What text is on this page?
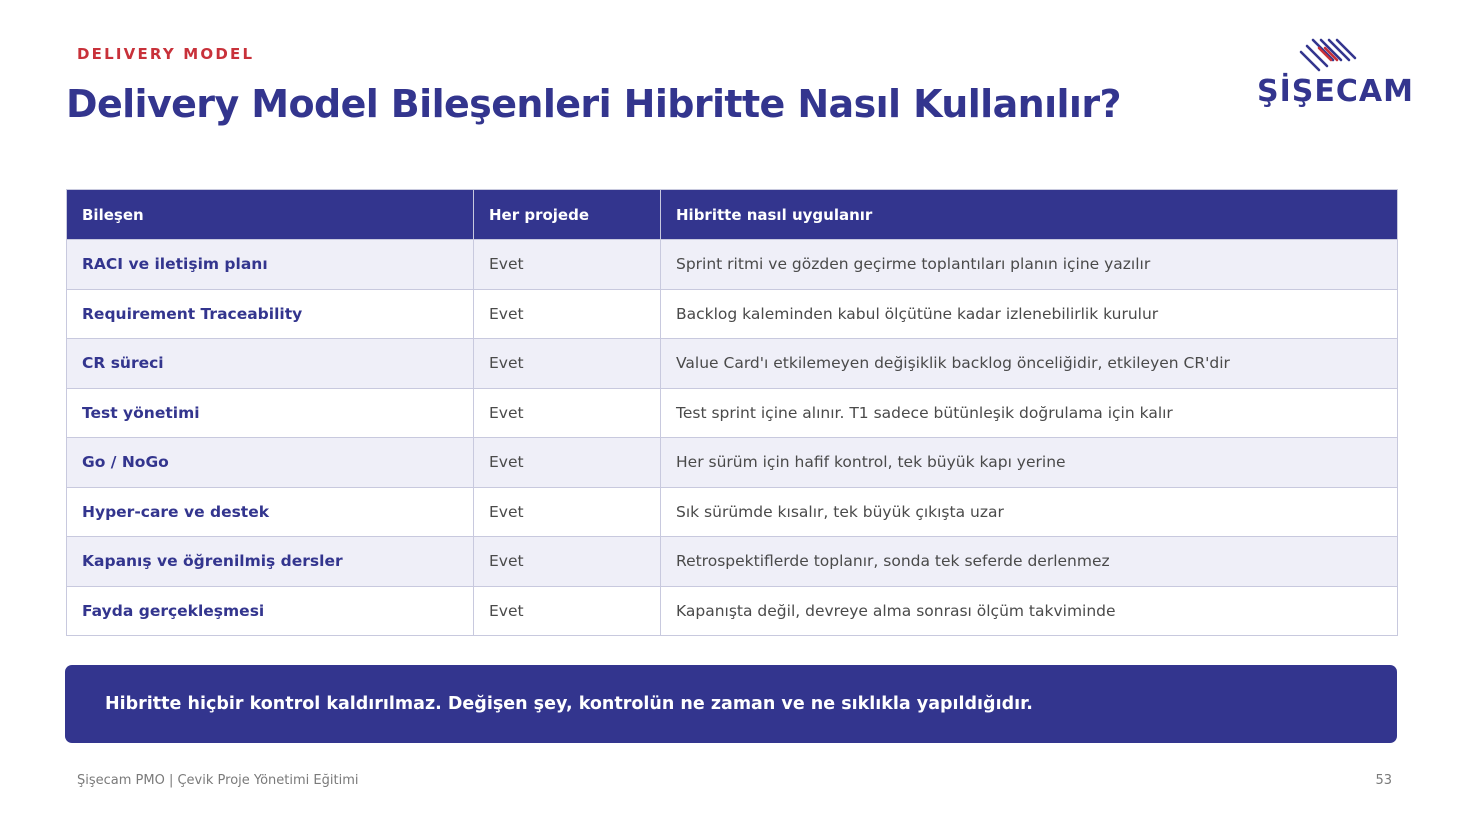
DELIVERY MODEL
Delivery Model Bileşenleri Hibritte Nasıl Kullanılır?	ŞİŞECAM
Bileşen	Her projede	Hibritte nasıl uygulanır
RACI ve iletişim planı	Evet	Sprint ritmi ve gözden geçirme toplantıları planın içine yazılır
Requirement Traceability	Evet	Backlog kaleminden kabul ölçütüne kadar izlenebilirlik kurulur
CR süreci	Evet	Value Card'ı etkilemeyen değişiklik backlog önceliğidir, etkileyen CR'dir
Test yönetimi	Evet	Test sprint içine alınır. T1 sadece bütünleşik doğrulama için kalır
Go / NoGo	Evet	Her sürüm için hafif kontrol, tek büyük kapı yerine
Hyper-care ve destek	Evet	Sık sürümde kısalır, tek büyük çıkışta uzar
Kapanış ve öğrenilmiş dersler	Evet	Retrospektiflerde toplanır, sonda tek seferde derlenmez
Fayda gerçekleşmesi	Evet	Kapanışta değil, devreye alma sonrası ölçüm takviminde
Hibritte hiçbir kontrol kaldırılmaz. Değişen şey, kontrolün ne zaman ve ne sıklıkla yapıldığıdır.
Şişecam PMO | Çevik Proje Yönetimi Eğitimi	53
